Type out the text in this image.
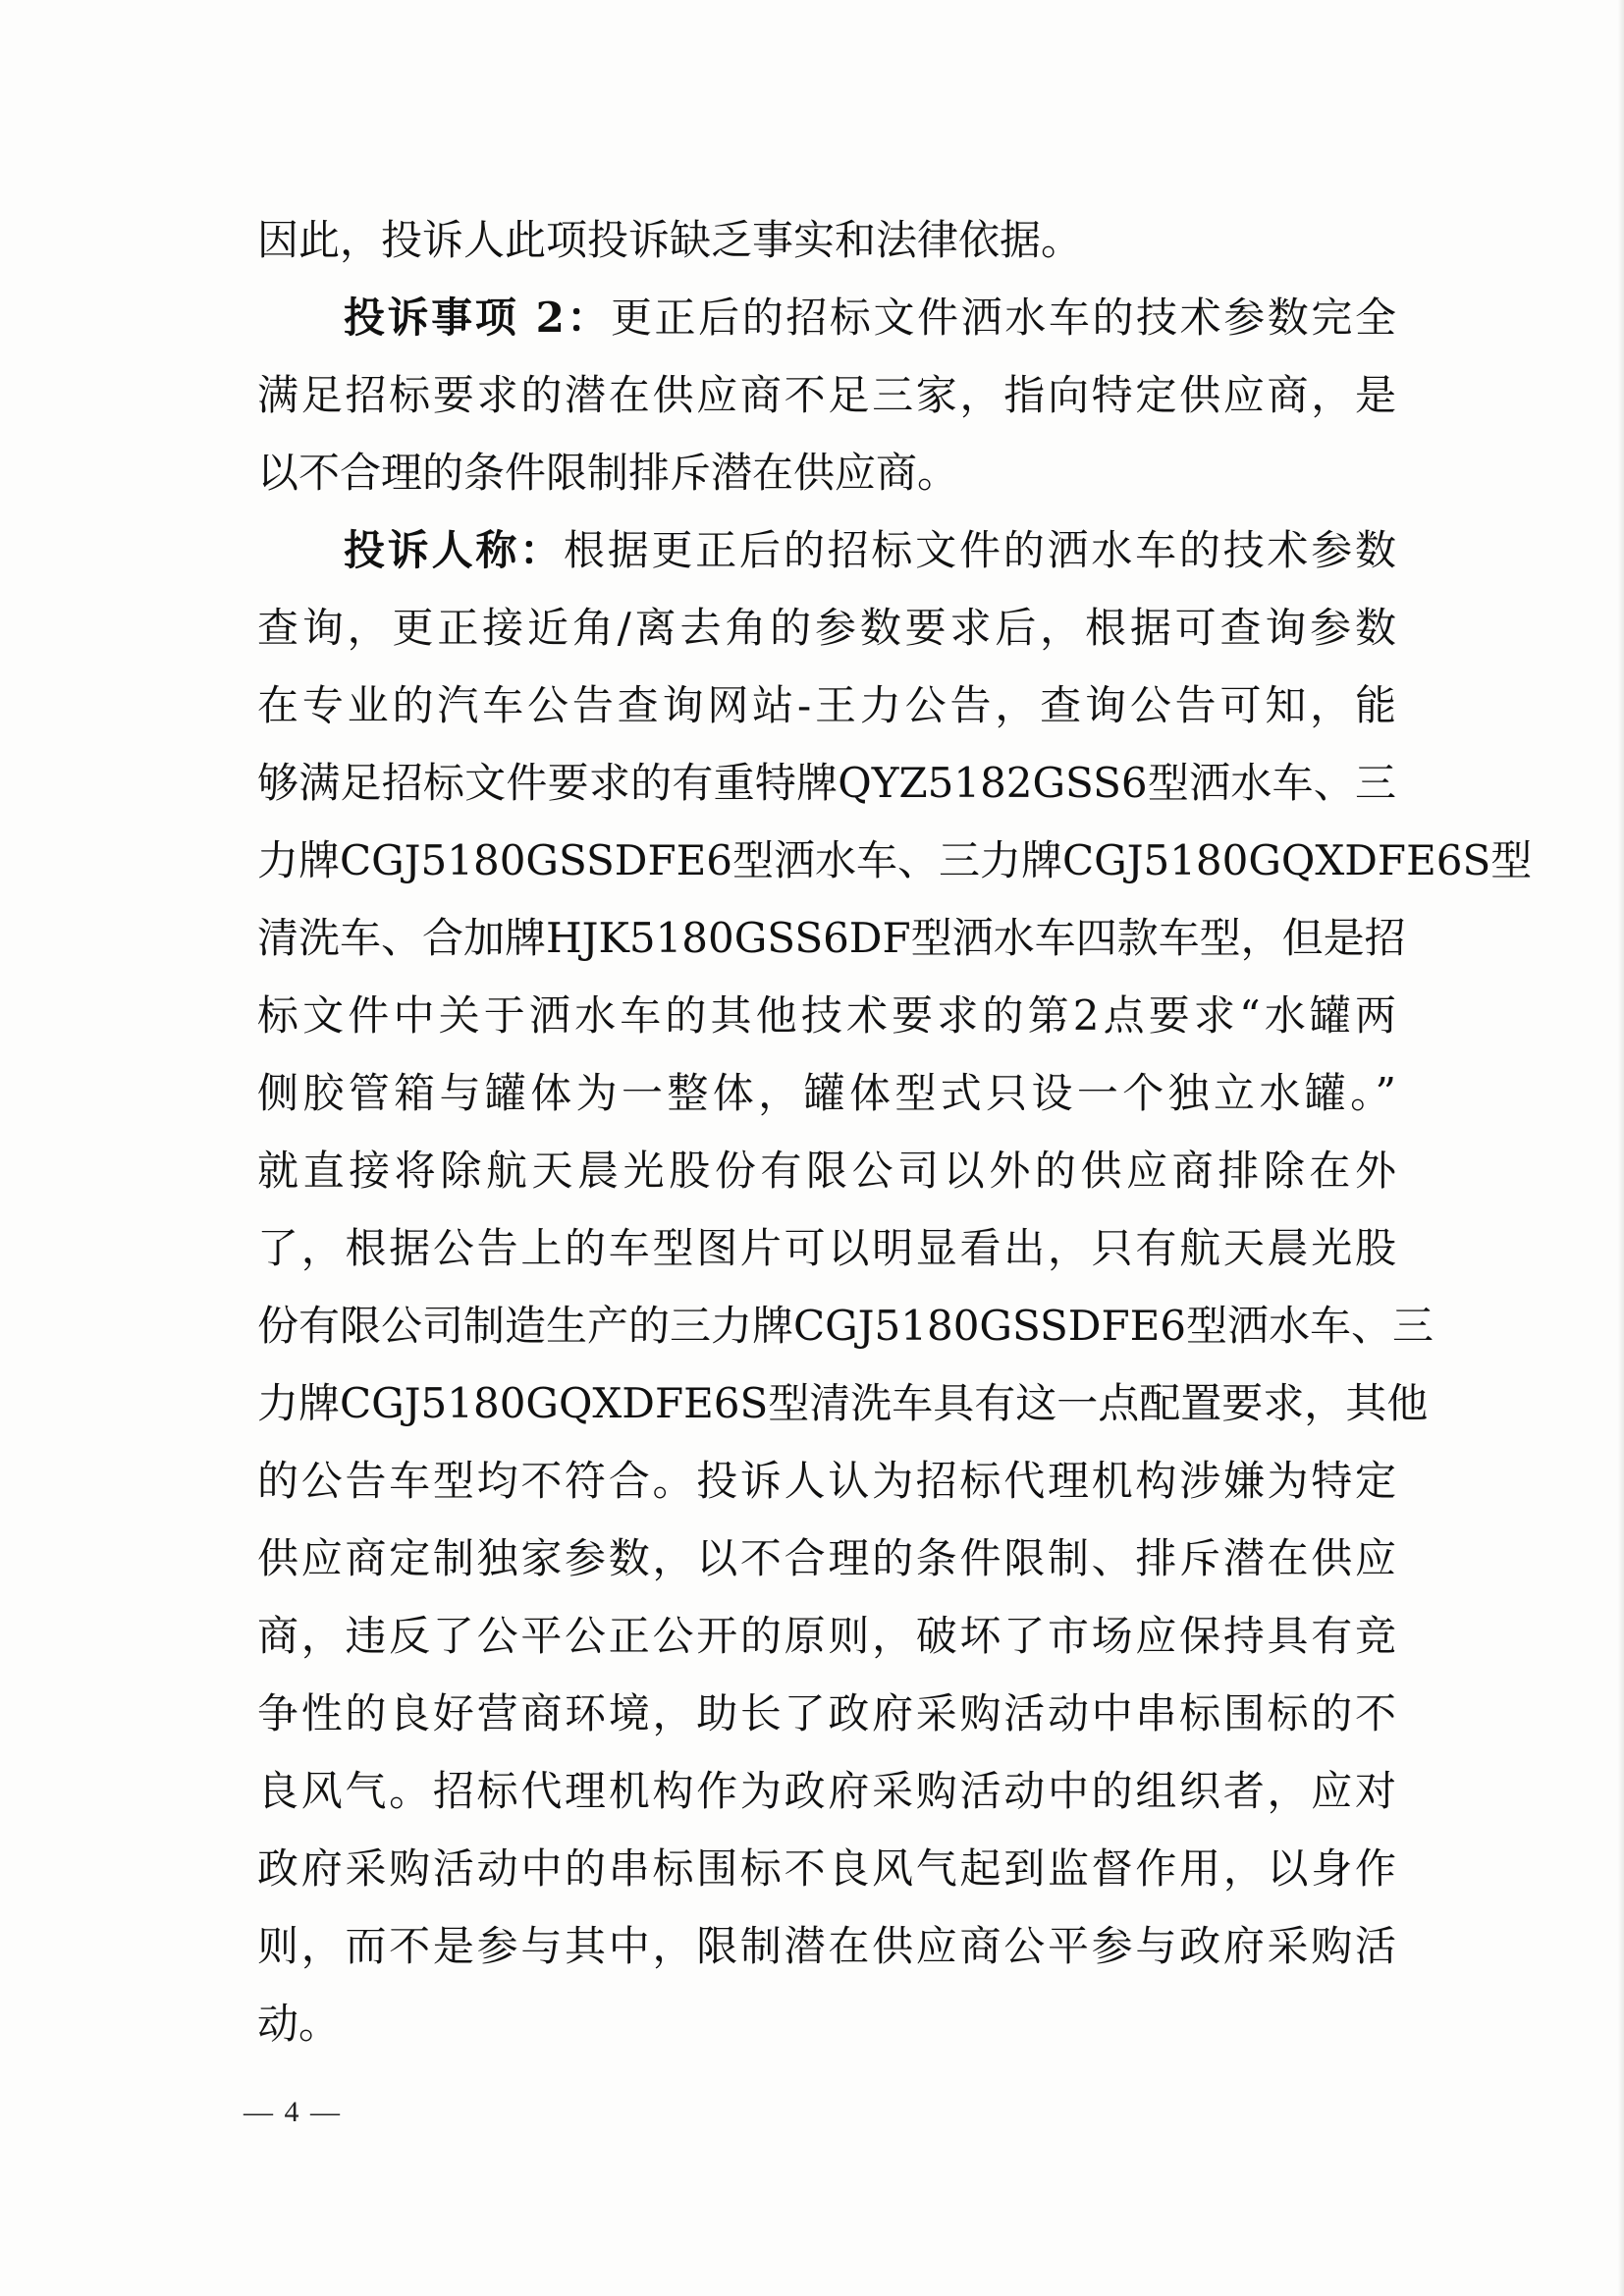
因此，投诉人此项投诉缺乏事实和法律依据。
投诉事项 2：更正后的招标文件洒水车的技术参数完全
满足招标要求的潜在供应商不足三家，指向特定供应商，是
以不合理的条件限制排斥潜在供应商。
投诉人称：根据更正后的招标文件的洒水车的技术参数
查询，更正接近角/离去角的参数要求后，根据可查询参数
在专业的汽车公告查询网站-王力公告，查询公告可知，能
够满足招标文件要求的有重特牌QYZ5182GSS6型洒水车、三
力牌CGJ5180GSSDFE6型洒水车、三力牌CGJ5180GQXDFE6S型
清洗车、合加牌HJK5180GSS6DF型洒水车四款车型，但是招
标文件中关于洒水车的其他技术要求的第2点要求“水罐两
侧胶管箱与罐体为一整体，罐体型式只设一个独立水罐。”
就直接将除航天晨光股份有限公司以外的供应商排除在外
了，根据公告上的车型图片可以明显看出，只有航天晨光股
份有限公司制造生产的三力牌CGJ5180GSSDFE6型洒水车、三
力牌CGJ5180GQXDFE6S型清洗车具有这一点配置要求，其他
的公告车型均不符合。投诉人认为招标代理机构涉嫌为特定
供应商定制独家参数，以不合理的条件限制、排斥潜在供应
商，违反了公平公正公开的原则，破坏了市场应保持具有竞
争性的良好营商环境，助长了政府采购活动中串标围标的不
良风气。招标代理机构作为政府采购活动中的组织者，应对
政府采购活动中的串标围标不良风气起到监督作用，以身作
则，而不是参与其中，限制潜在供应商公平参与政府采购活
动。
— 4 —
